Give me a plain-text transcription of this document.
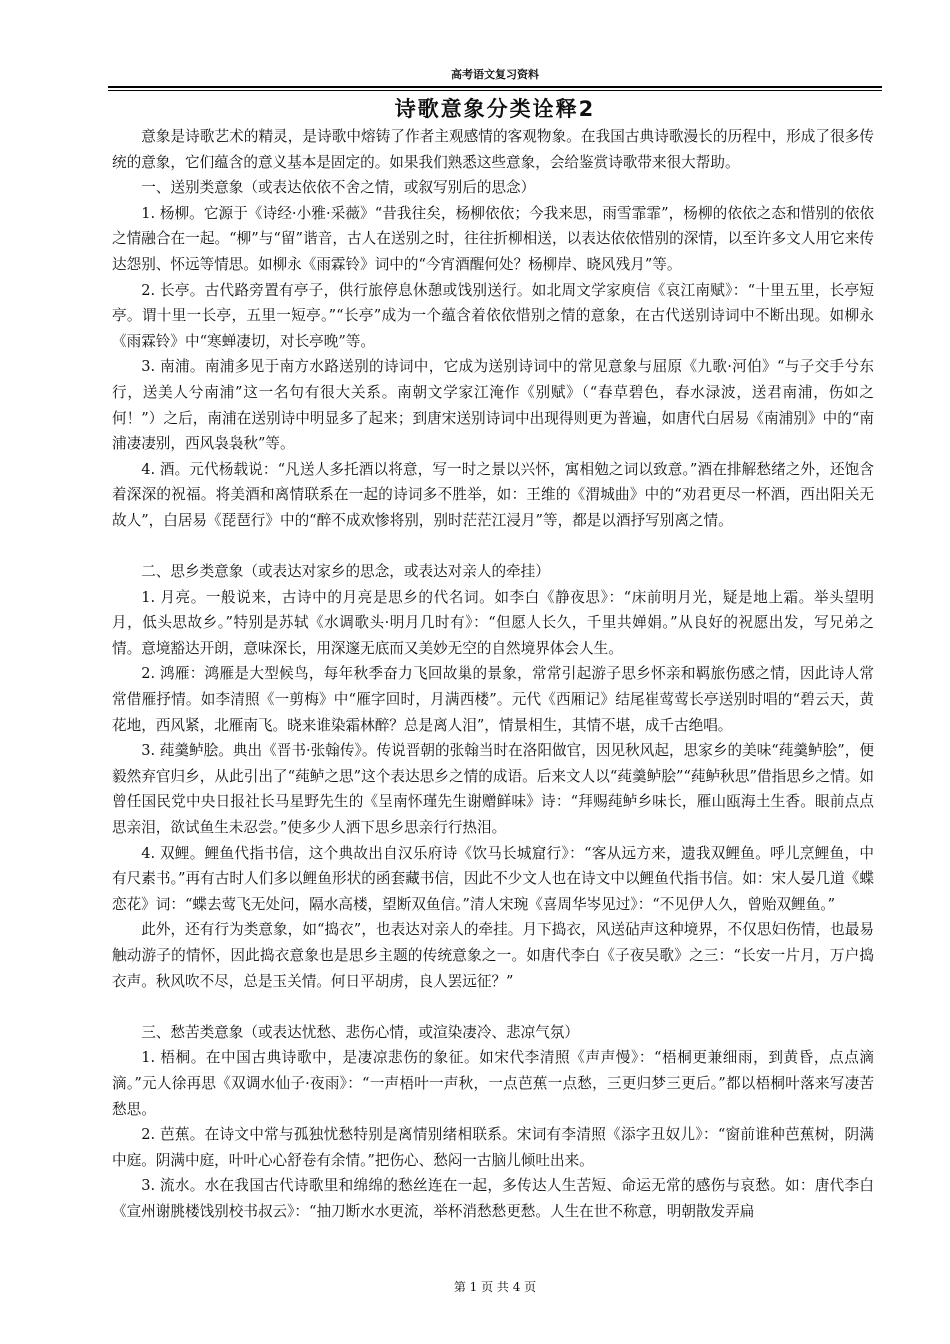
高考语文复习资料
诗歌意象分类诠释2

意象是诗歌艺术的精灵，是诗歌中熔铸了作者主观感情的客观物象。在我国古典诗歌漫长的历程中，形成了很多传统的意象，它们蕴含的意义基本是固定的。如果我们熟悉这些意象，会给鉴赏诗歌带来很大帮助。

一、送别类意象（或表达依依不舍之情，或叙写别后的思念）

1. 杨柳。它源于《诗经·小雅·采薇》“昔我往矣，杨柳依依；今我来思，雨雪霏霏”，杨柳的依依之态和惜别的依依之情融合在一起。“柳”与“留”谐音，古人在送别之时，往往折柳相送，以表达依依惜别的深情，以至许多文人用它来传达怨别、怀远等情思。如柳永《雨霖铃》词中的“今宵酒醒何处？杨柳岸、晓风残月”等。

2. 长亭。古代路旁置有亭子，供行旅停息休憩或饯别送行。如北周文学家庾信《哀江南赋》：“十里五里，长亭短亭。谓十里一长亭，五里一短亭。”“长亭”成为一个蕴含着依依惜别之情的意象，在古代送别诗词中不断出现。如柳永《雨霖铃》中“寒蝉凄切，对长亭晚”等。

3. 南浦。南浦多见于南方水路送别的诗词中，它成为送别诗词中的常见意象与屈原《九歌·河伯》“与子交手兮东行，送美人兮南浦”这一名句有很大关系。南朝文学家江淹作《别赋》（“春草碧色，春水渌波，送君南浦，伤如之何！”）之后，南浦在送别诗中明显多了起来；到唐宋送别诗词中出现得则更为普遍，如唐代白居易《南浦别》中的“南浦凄凄别，西风袅袅秋”等。

4. 酒。元代杨载说：“凡送人多托酒以将意，写一时之景以兴怀，寓相勉之词以致意。”酒在排解愁绪之外，还饱含着深深的祝福。将美酒和离情联系在一起的诗词多不胜举，如：王维的《渭城曲》中的“劝君更尽一杯酒，西出阳关无故人”，白居易《琵琶行》中的“醉不成欢惨将别，别时茫茫江浸月”等，都是以酒抒写别离之情。

二、思乡类意象（或表达对家乡的思念，或表达对亲人的牵挂）

1. 月亮。一般说来，古诗中的月亮是思乡的代名词。如李白《静夜思》：“床前明月光，疑是地上霜。举头望明月，低头思故乡。”特别是苏轼《水调歌头·明月几时有》：“但愿人长久，千里共婵娟。”从良好的祝愿出发，写兄弟之情。意境豁达开朗，意味深长，用深邃无底而又美妙无空的自然境界体会人生。

2. 鸿雁：鸿雁是大型候鸟，每年秋季奋力飞回故巢的景象，常常引起游子思乡怀亲和羁旅伤感之情，因此诗人常常借雁抒情。如李清照《一剪梅》中“雁字回时，月满西楼”。元代《西厢记》结尾崔莺莺长亭送别时唱的“碧云天，黄花地，西风紧，北雁南飞。晓来谁染霜林醉？总是离人泪”，情景相生，其情不堪，成千古绝唱。

3. 莼羹鲈脍。典出《晋书·张翰传》。传说晋朝的张翰当时在洛阳做官，因见秋风起，思家乡的美味“莼羹鲈脍”，便毅然弃官归乡，从此引出了“莼鲈之思”这个表达思乡之情的成语。后来文人以“莼羹鲈脍”“莼鲈秋思”借指思乡之情。如曾任国民党中央日报社长马星野先生的《呈南怀瑾先生谢赠鲜味》诗：“拜赐莼鲈乡味长，雁山瓯海土生香。眼前点点思亲泪，欲试鱼生未忍尝。”使多少人洒下思乡思亲行行热泪。

4. 双鲤。鲤鱼代指书信，这个典故出自汉乐府诗《饮马长城窟行》：“客从远方来，遗我双鲤鱼。呼儿烹鲤鱼，中有尺素书。”再有古时人们多以鲤鱼形状的函套藏书信，因此不少文人也在诗文中以鲤鱼代指书信。如：宋人晏几道《蝶恋花》词：“蝶去莺飞无处问，隔水高楼，望断双鱼信。”清人宋琬《喜周华岑见过》：“不见伊人久，曾贻双鲤鱼。”

此外，还有行为类意象，如“捣衣”，也表达对亲人的牵挂。月下捣衣，风送砧声这种境界，不仅思妇伤情，也最易触动游子的情怀，因此捣衣意象也是思乡主题的传统意象之一。如唐代李白《子夜吴歌》之三：“长安一片月，万户捣衣声。秋风吹不尽，总是玉关情。何日平胡虏，良人罢远征？”

三、愁苦类意象（或表达忧愁、悲伤心情，或渲染凄冷、悲凉气氛）

1. 梧桐。在中国古典诗歌中，是凄凉悲伤的象征。如宋代李清照《声声慢》：“梧桐更兼细雨，到黄昏，点点滴滴。”元人徐再思《双调水仙子·夜雨》：“一声梧叶一声秋，一点芭蕉一点愁，三更归梦三更后。”都以梧桐叶落来写凄苦愁思。

2. 芭蕉。在诗文中常与孤独忧愁特别是离情别绪相联系。宋词有李清照《添字丑奴儿》：“窗前谁种芭蕉树，阴满中庭。阴满中庭，叶叶心心舒卷有余情。”把伤心、愁闷一古脑儿倾吐出来。

3. 流水。水在我国古代诗歌里和绵绵的愁丝连在一起，多传达人生苦短、命运无常的感伤与哀愁。如：唐代李白《宣州谢朓楼饯别校书叔云》：“抽刀断水水更流，举杯消愁愁更愁。人生在世不称意，明朝散发弄扁

第 1 页 共 4 页
